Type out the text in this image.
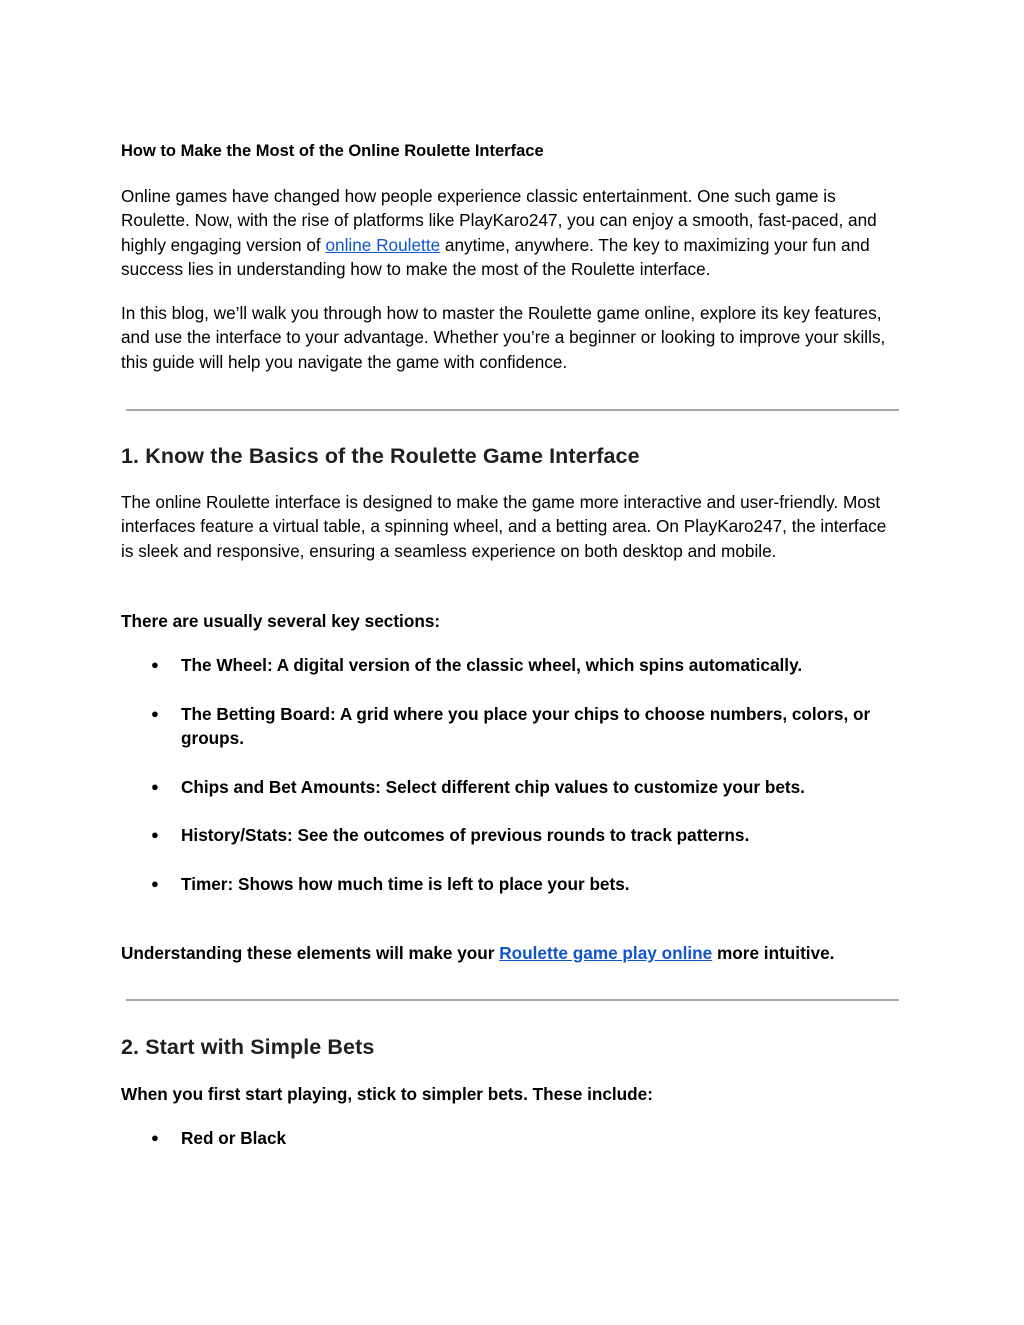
How to Make the Most of the Online Roulette Interface

Online games have changed how people experience classic entertainment. One such game is Roulette. Now, with the rise of platforms like PlayKaro247, you can enjoy a smooth, fast-paced, and highly engaging version of online Roulette anytime, anywhere. The key to maximizing your fun and success lies in understanding how to make the most of the Roulette interface.

In this blog, we’ll walk you through how to master the Roulette game online, explore its key features, and use the interface to your advantage. Whether you’re a beginner or looking to improve your skills, this guide will help you navigate the game with confidence.

1. Know the Basics of the Roulette Game Interface

The online Roulette interface is designed to make the game more interactive and user-friendly. Most interfaces feature a virtual table, a spinning wheel, and a betting area. On PlayKaro247, the interface is sleek and responsive, ensuring a seamless experience on both desktop and mobile.

There are usually several key sections:

● The Wheel: A digital version of the classic wheel, which spins automatically.
● The Betting Board: A grid where you place your chips to choose numbers, colors, or groups.
● Chips and Bet Amounts: Select different chip values to customize your bets.
● History/Stats: See the outcomes of previous rounds to track patterns.
● Timer: Shows how much time is left to place your bets.

Understanding these elements will make your Roulette game play online more intuitive.

2. Start with Simple Bets

When you first start playing, stick to simpler bets. These include:

● Red or Black
